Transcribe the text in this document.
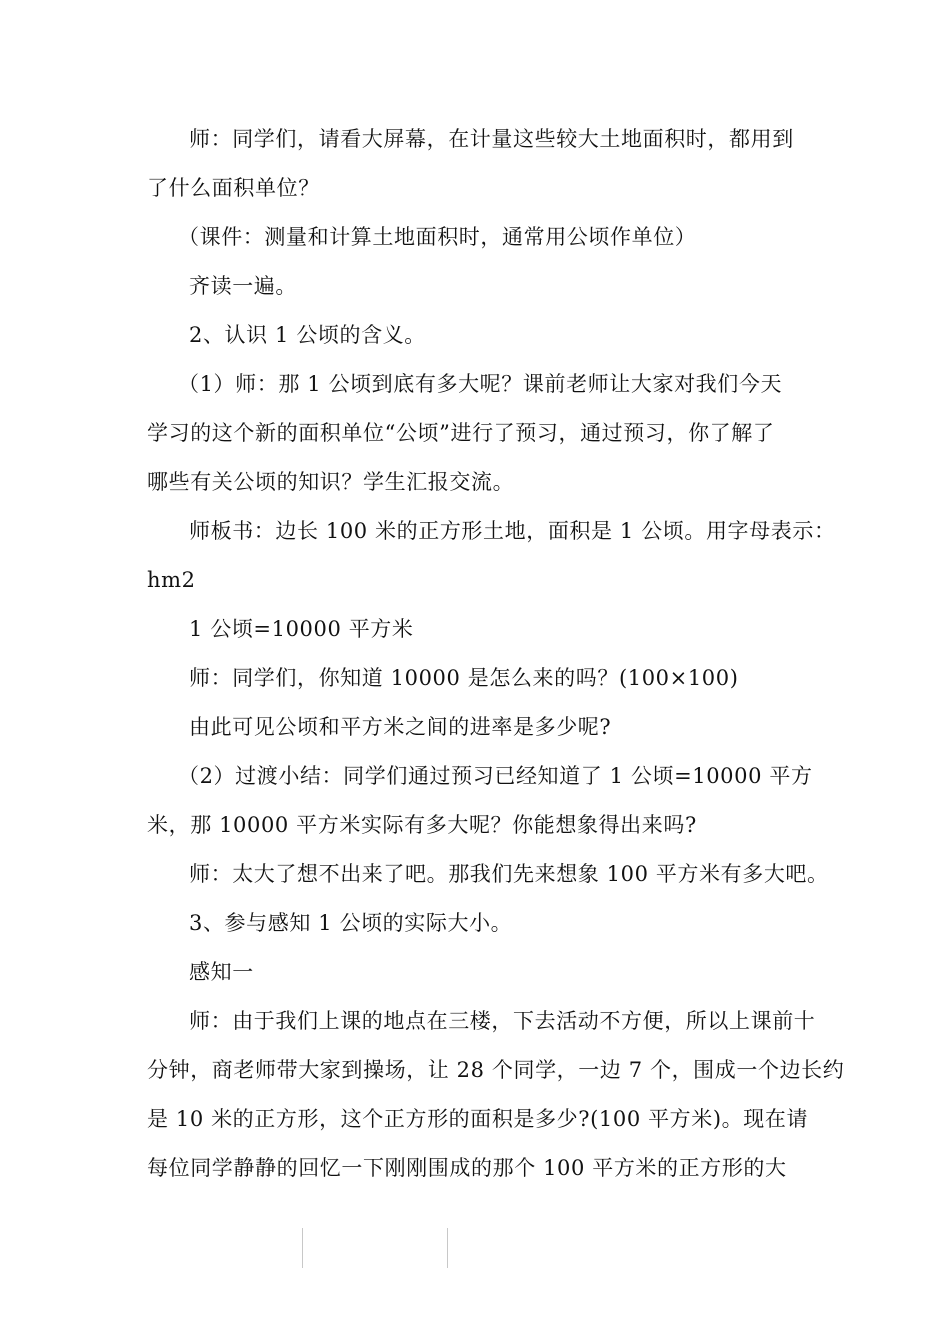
师：同学们，请看大屏幕，在计量这些较大土地面积时，都用到

了什么面积单位？

（课件：测量和计算土地面积时，通常用公顷作单位）

齐读一遍。

2、认识 1 公顷的含义。

（1）师：那 1 公顷到底有多大呢？课前老师让大家对我们今天

学习的这个新的面积单位“公顷”进行了预习，通过预习，你了解了

哪些有关公顷的知识？学生汇报交流。

师板书：边长 100 米的正方形土地，面积是 1 公顷。用字母表示：

hm2

1 公顷=10000 平方米

师：同学们，你知道 10000 是怎么来的吗？(100×100)

由此可见公顷和平方米之间的进率是多少呢?

（2）过渡小结：同学们通过预习已经知道了 1 公顷=10000 平方

米，那 10000 平方米实际有多大呢？你能想象得出来吗?

师：太大了想不出来了吧。那我们先来想象 100 平方米有多大吧。

3、参与感知 1 公顷的实际大小。

感知一

师：由于我们上课的地点在三楼，下去活动不方便，所以上课前十

分钟，商老师带大家到操场，让 28 个同学，一边 7 个，围成一个边长约

是 10 米的正方形，这个正方形的面积是多少?(100 平方米)。现在请

每位同学静静的回忆一下刚刚围成的那个 100 平方米的正方形的大
